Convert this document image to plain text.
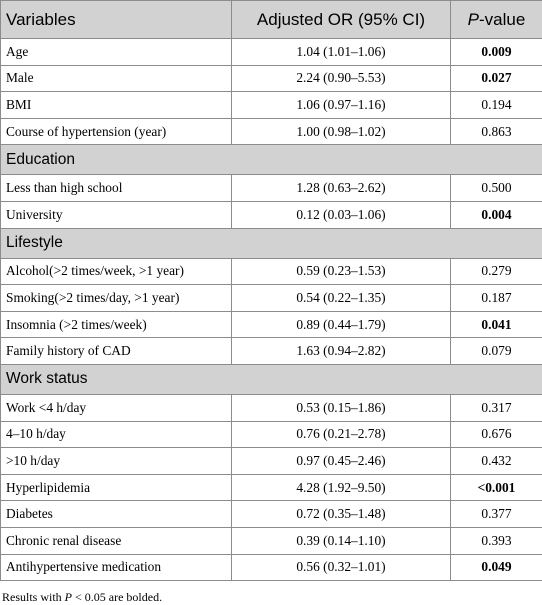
Variables	Adjusted OR (95% CI)	P-value
Age	1.04 (1.01–1.06)	0.009
Male	2.24 (0.90–5.53)	0.027
BMI	1.06 (0.97–1.16)	0.194
Course of hypertension (year)	1.00 (0.98–1.02)	0.863
Education		
Less than high school	1.28 (0.63–2.62)	0.500
University	0.12 (0.03–1.06)	0.004
Lifestyle		
Alcohol(>2 times/week, >1 year)	0.59 (0.23–1.53)	0.279
Smoking(>2 times/day, >1 year)	0.54 (0.22–1.35)	0.187
Insomnia (>2 times/week)	0.89 (0.44–1.79)	0.041
Family history of CAD	1.63 (0.94–2.82)	0.079
Work status		
Work <4 h/day	0.53 (0.15–1.86)	0.317
4–10 h/day	0.76 (0.21–2.78)	0.676
>10 h/day	0.97 (0.45–2.46)	0.432
Hyperlipidemia	4.28 (1.92–9.50)	<0.001
Diabetes	0.72 (0.35–1.48)	0.377
Chronic renal disease	0.39 (0.14–1.10)	0.393
Antihypertensive medication	0.56 (0.32–1.01)	0.049
Results with P < 0.05 are bolded.
